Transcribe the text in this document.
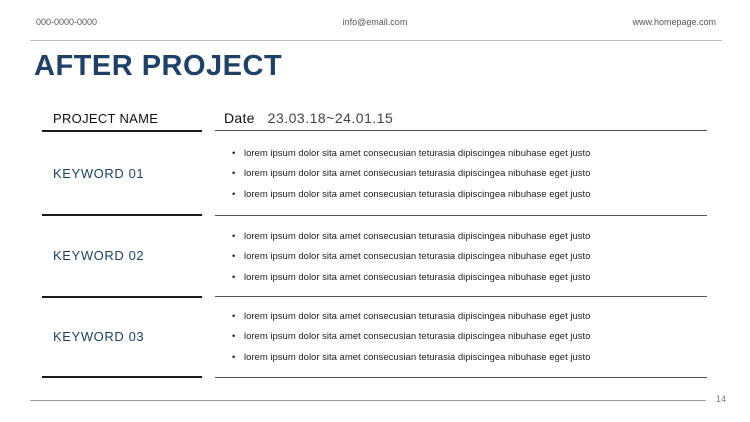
000-0000-0000	info@email.com	www.homepage.com
AFTER PROJECT
PROJECT NAME	Date 23.03.18~24.01.15
KEYWORD 01
• lorem ipsum dolor sita amet consecusian teturasia dipiscingea nibuhase eget justo
• lorem ipsum dolor sita amet consecusian teturasia dipiscingea nibuhase eget justo
• lorem ipsum dolor sita amet consecusian teturasia dipiscingea nibuhase eget justo
KEYWORD 02
• lorem ipsum dolor sita amet consecusian teturasia dipiscingea nibuhase eget justo
• lorem ipsum dolor sita amet consecusian teturasia dipiscingea nibuhase eget justo
• lorem ipsum dolor sita amet consecusian teturasia dipiscingea nibuhase eget justo
KEYWORD 03
• lorem ipsum dolor sita amet consecusian teturasia dipiscingea nibuhase eget justo
• lorem ipsum dolor sita amet consecusian teturasia dipiscingea nibuhase eget justo
• lorem ipsum dolor sita amet consecusian teturasia dipiscingea nibuhase eget justo
14
